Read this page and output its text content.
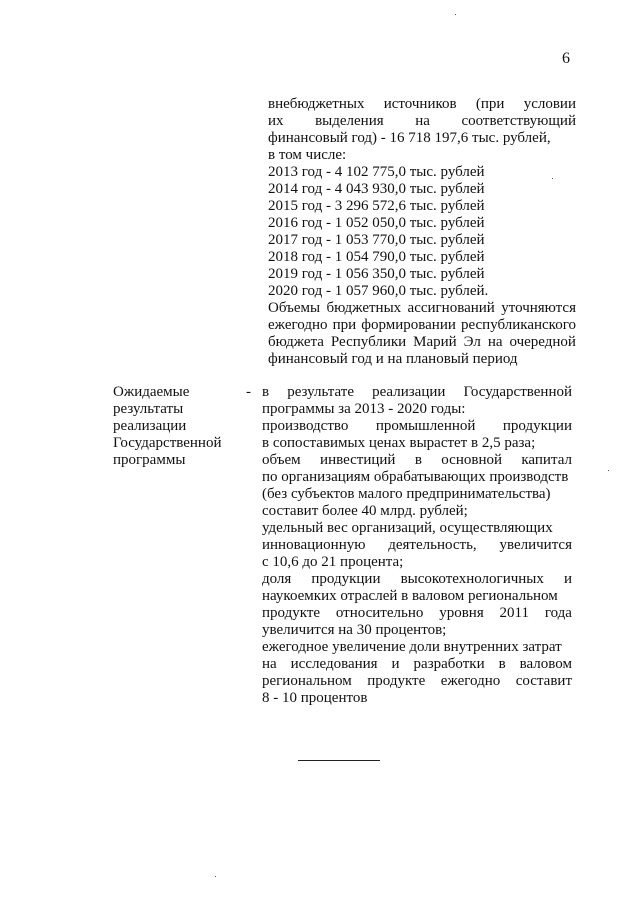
6
внебюджетных источников (при условии
их выделения на соответствующий
финансовый год) - 16 718 197,6 тыс. рублей,
в том числе:
2013 год - 4 102 775,0 тыс. рублей
2014 год - 4 043 930,0 тыс. рублей
2015 год - 3 296 572,6 тыс. рублей
2016 год - 1 052 050,0 тыс. рублей
2017 год - 1 053 770,0 тыс. рублей
2018 год - 1 054 790,0 тыс. рублей
2019 год - 1 056 350,0 тыс. рублей
2020 год - 1 057 960,0 тыс. рублей.
Объемы бюджетных ассигнований уточняются
ежегодно при формировании республиканского
бюджета Республики Марий Эл на очередной
финансовый год и на плановый период
Ожидаемые
результаты
реализации
Государственной
программы
- в результате реализации Государственной
программы за 2013 - 2020 годы:
производство промышленной продукции
в сопоставимых ценах вырастет в 2,5 раза;
объем инвестиций в основной капитал
по организациям обрабатывающих производств
(без субъектов малого предпринимательства)
составит более 40 млрд. рублей;
удельный вес организаций, осуществляющих
инновационную деятельность, увеличится
с 10,6 до 21 процента;
доля продукции высокотехнологичных и
наукоемких отраслей в валовом региональном
продукте относительно уровня 2011 года
увеличится на 30 процентов;
ежегодное увеличение доли внутренних затрат
на исследования и разработки в валовом
региональном продукте ежегодно составит
8 - 10 процентов
